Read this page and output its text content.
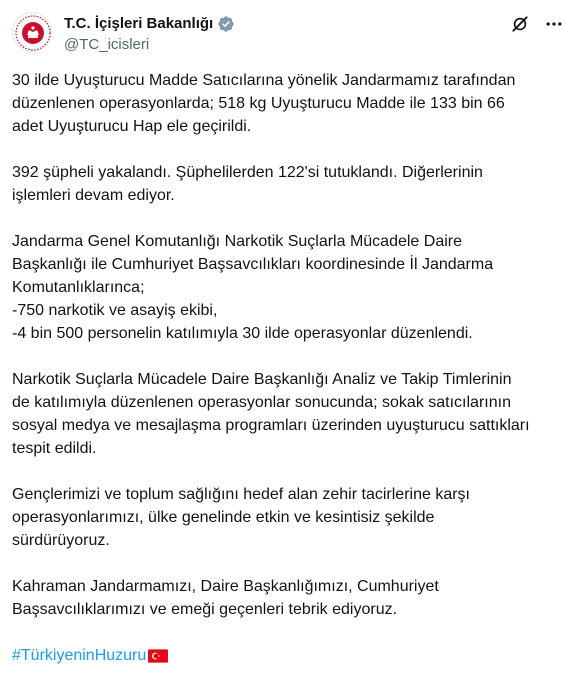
T.C. İçişleri Bakanlığı
@TC_icisleri
30 ilde Uyuşturucu Madde Satıcılarına yönelik Jandarmamız tarafından
düzenlenen operasyonlarda; 518 kg Uyuşturucu Madde ile 133 bin 66
adet Uyuşturucu Hap ele geçirildi.
392 şüpheli yakalandı. Şüphelilerden 122'si tutuklandı. Diğerlerinin
işlemleri devam ediyor.
Jandarma Genel Komutanlığı Narkotik Suçlarla Mücadele Daire
Başkanlığı ile Cumhuriyet Başsavcılıkları koordinesinde İl Jandarma
Komutanlıklarınca;
-750 narkotik ve asayiş ekibi,
-4 bin 500 personelin katılımıyla 30 ilde operasyonlar düzenlendi.
Narkotik Suçlarla Mücadele Daire Başkanlığı Analiz ve Takip Timlerinin
de katılımıyla düzenlenen operasyonlar sonucunda; sokak satıcılarının
sosyal medya ve mesajlaşma programları üzerinden uyuşturucu sattıkları
tespit edildi.
Gençlerimizi ve toplum sağlığını hedef alan zehir tacirlerine karşı
operasyonlarımızı, ülke genelinde etkin ve kesintisiz şekilde
sürdürüyoruz.
Kahraman Jandarmamızı, Daire Başkanlığımızı, Cumhuriyet
Başsavcılıklarımızı ve emeği geçenleri tebrik ediyoruz.
#TürkiyeninHuzuru
